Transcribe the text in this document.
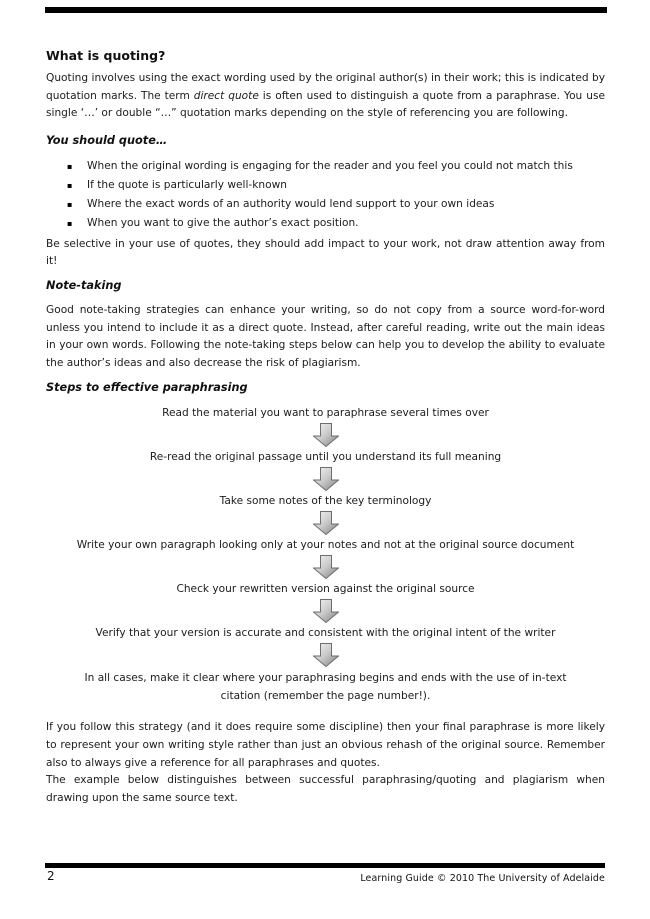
What is quoting?

Quoting involves using the exact wording used by the original author(s) in their work; this is indicated by quotation marks. The term direct quote is often used to distinguish a quote from a paraphrase. You use single ‘…’ or double “…” quotation marks depending on the style of referencing you are following.

You should quote…
▪ When the original wording is engaging for the reader and you feel you could not match this
▪ If the quote is particularly well-known
▪ Where the exact words of an authority would lend support to your own ideas
▪ When you want to give the author’s exact position.

Be selective in your use of quotes, they should add impact to your work, not draw attention away from it!

Note-taking

Good note-taking strategies can enhance your writing, so do not copy from a source word-for-word unless you intend to include it as a direct quote. Instead, after careful reading, write out the main ideas in your own words. Following the note-taking steps below can help you to develop the ability to evaluate the author’s ideas and also decrease the risk of plagiarism.

Steps to effective paraphrasing
Read the material you want to paraphrase several times over
Re-read the original passage until you understand its full meaning
Take some notes of the key terminology
Write your own paragraph looking only at your notes and not at the original source document
Check your rewritten version against the original source
Verify that your version is accurate and consistent with the original intent of the writer
In all cases, make it clear where your paraphrasing begins and ends with the use of in-text citation (remember the page number!).

If you follow this strategy (and it does require some discipline) then your final paraphrase is more likely to represent your own writing style rather than just an obvious rehash of the original source. Remember also to always give a reference for all paraphrases and quotes.

The example below distinguishes between successful paraphrasing/quoting and plagiarism when drawing upon the same source text.

2	Learning Guide © 2010 The University of Adelaide
